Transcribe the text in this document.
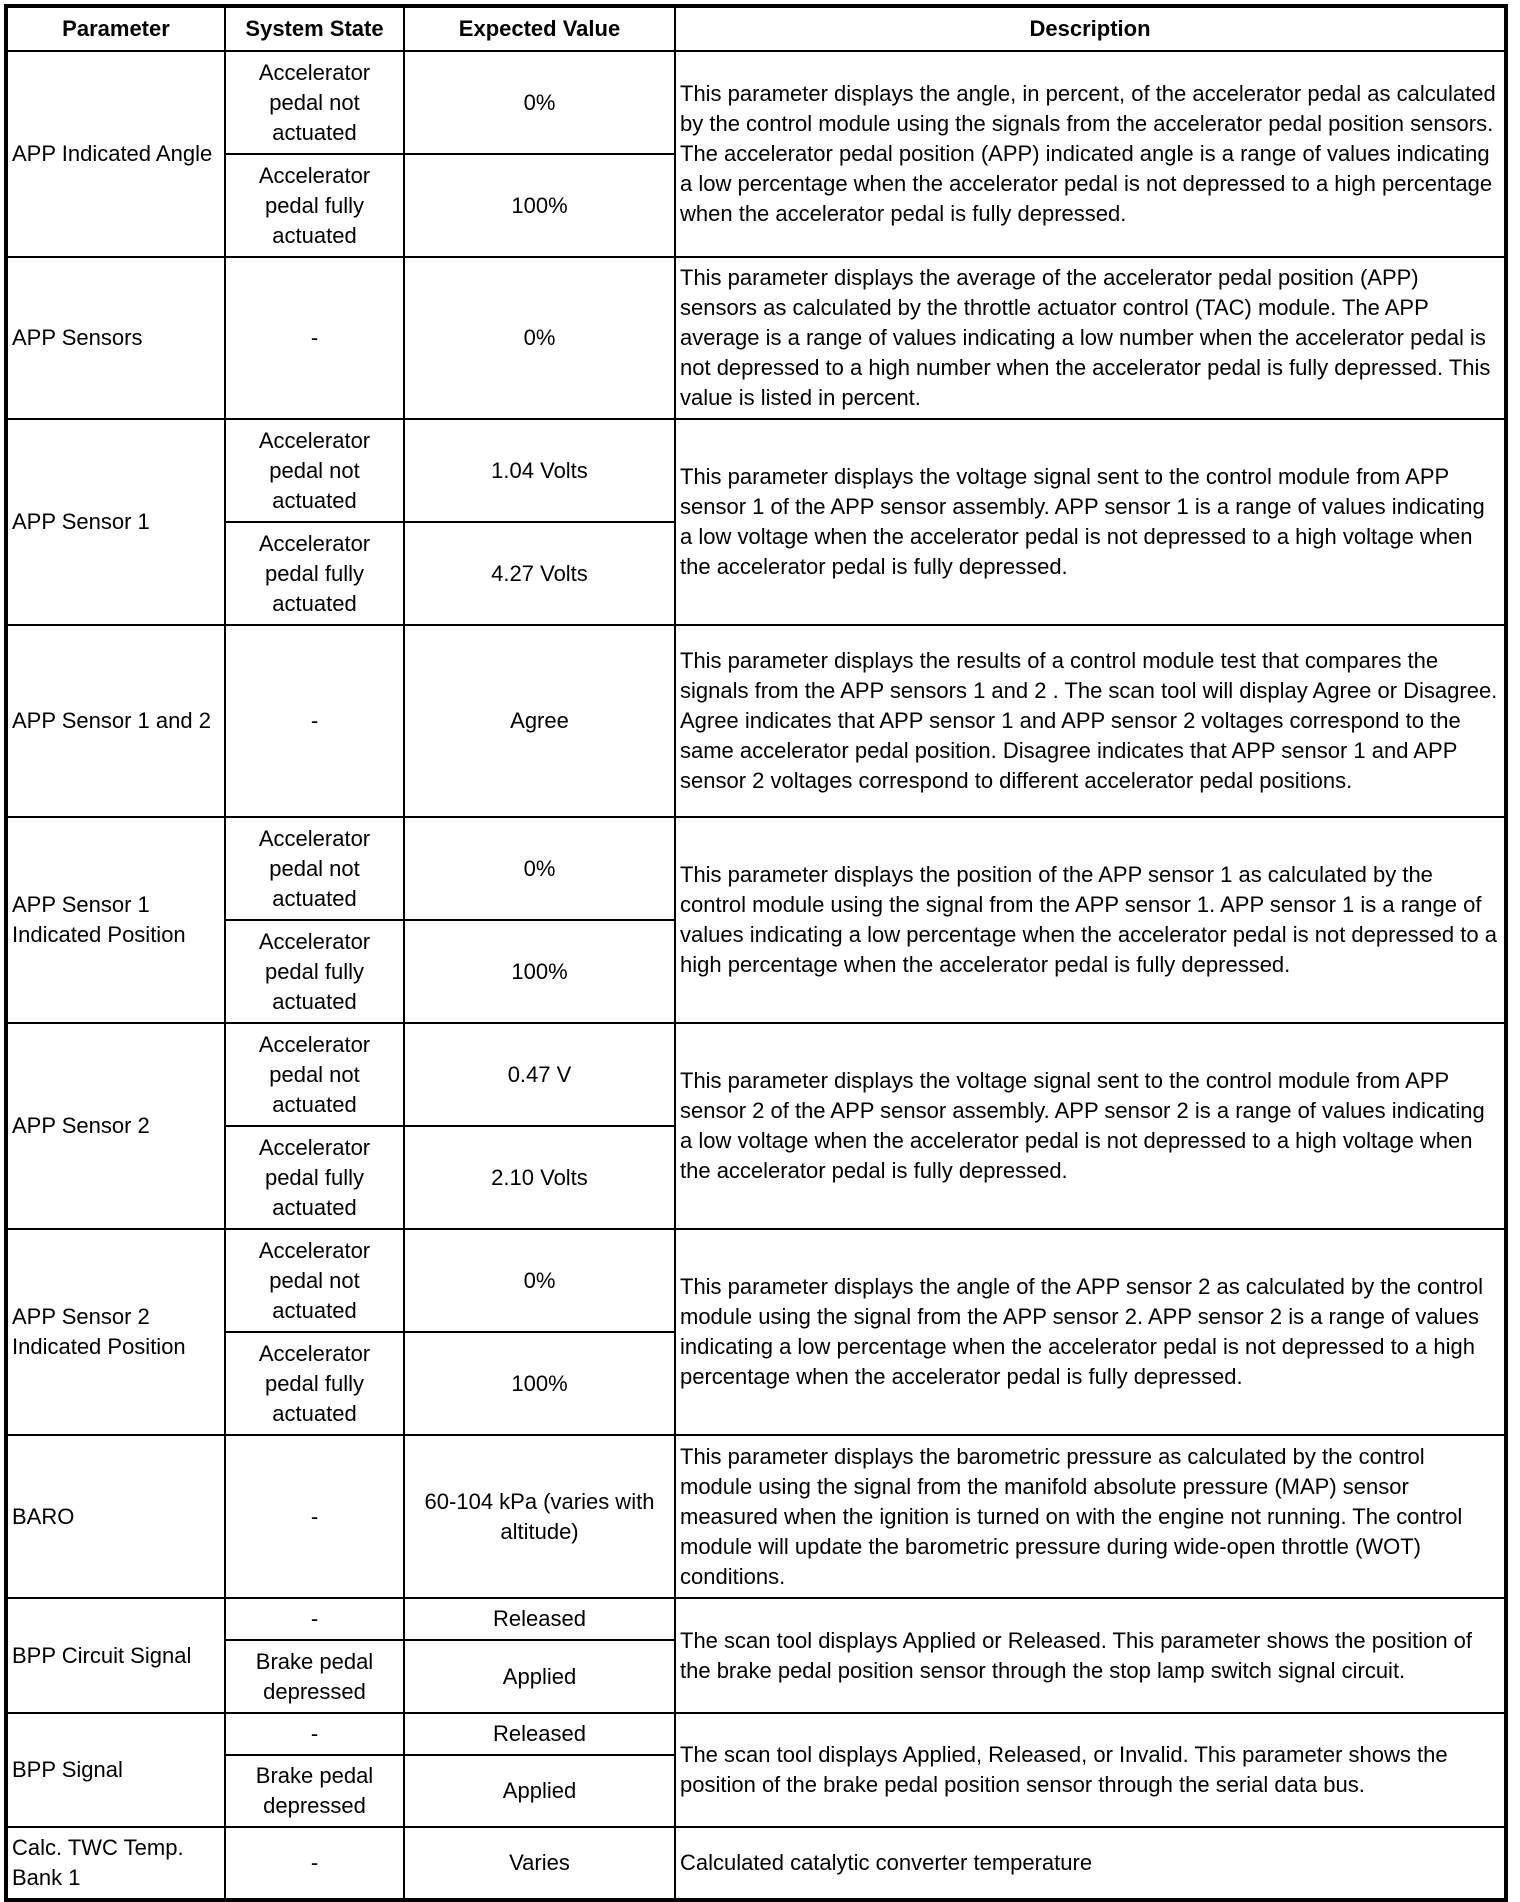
Parameter	System State	Expected Value	Description
APP Indicated Angle	Accelerator pedal not actuated	0%	This parameter displays the angle, in percent, of the accelerator pedal as calculated by the control module using the signals from the accelerator pedal position sensors. The accelerator pedal position (APP) indicated angle is a range of values indicating a low percentage when the accelerator pedal is not depressed to a high percentage when the accelerator pedal is fully depressed.
	Accelerator pedal fully actuated	100%	
APP Sensors	-	0%	This parameter displays the average of the accelerator pedal position (APP) sensors as calculated by the throttle actuator control (TAC) module. The APP average is a range of values indicating a low number when the accelerator pedal is not depressed to a high number when the accelerator pedal is fully depressed. This value is listed in percent.
APP Sensor 1	Accelerator pedal not actuated	1.04 Volts	This parameter displays the voltage signal sent to the control module from APP sensor 1 of the APP sensor assembly. APP sensor 1 is a range of values indicating a low voltage when the accelerator pedal is not depressed to a high voltage when the accelerator pedal is fully depressed.
	Accelerator pedal fully actuated	4.27 Volts	
APP Sensor 1 and 2	-	Agree	This parameter displays the results of a control module test that compares the signals from the APP sensors 1 and 2 . The scan tool will display Agree or Disagree. Agree indicates that APP sensor 1 and APP sensor 2 voltages correspond to the same accelerator pedal position. Disagree indicates that APP sensor 1 and APP sensor 2 voltages correspond to different accelerator pedal positions.
APP Sensor 1 Indicated Position	Accelerator pedal not actuated	0%	This parameter displays the position of the APP sensor 1 as calculated by the control module using the signal from the APP sensor 1. APP sensor 1 is a range of values indicating a low percentage when the accelerator pedal is not depressed to a high percentage when the accelerator pedal is fully depressed.
	Accelerator pedal fully actuated	100%	
APP Sensor 2	Accelerator pedal not actuated	0.47 V	This parameter displays the voltage signal sent to the control module from APP sensor 2 of the APP sensor assembly. APP sensor 2 is a range of values indicating a low voltage when the accelerator pedal is not depressed to a high voltage when the accelerator pedal is fully depressed.
	Accelerator pedal fully actuated	2.10 Volts	
APP Sensor 2 Indicated Position	Accelerator pedal not actuated	0%	This parameter displays the angle of the APP sensor 2 as calculated by the control module using the signal from the APP sensor 2. APP sensor 2 is a range of values indicating a low percentage when the accelerator pedal is not depressed to a high percentage when the accelerator pedal is fully depressed.
	Accelerator pedal fully actuated	100%	
BARO	-	60-104 kPa (varies with altitude)	This parameter displays the barometric pressure as calculated by the control module using the signal from the manifold absolute pressure (MAP) sensor measured when the ignition is turned on with the engine not running. The control module will update the barometric pressure during wide-open throttle (WOT) conditions.
BPP Circuit Signal	-	Released	The scan tool displays Applied or Released. This parameter shows the position of the brake pedal position sensor through the stop lamp switch signal circuit.
	Brake pedal depressed	Applied	
BPP Signal	-	Released	The scan tool displays Applied, Released, or Invalid. This parameter shows the position of the brake pedal position sensor through the serial data bus.
	Brake pedal depressed	Applied	
Calc. TWC Temp. Bank 1	-	Varies	Calculated catalytic converter temperature
